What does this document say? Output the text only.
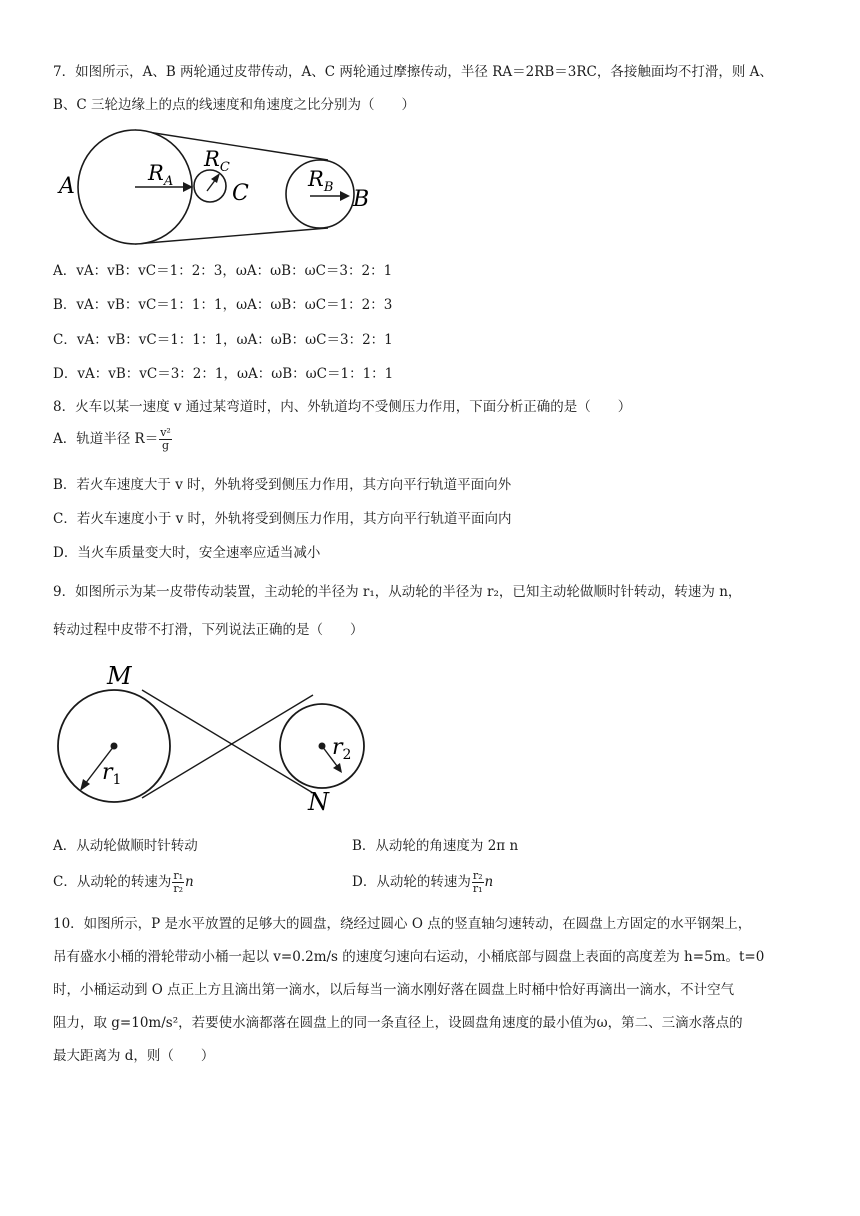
7．如图所示，A、B 两轮通过皮带传动，A、C 两轮通过摩擦传动，半径 RA＝2RB＝3RC，各接触面均不打滑，则 A、
B、C 三轮边缘上的点的线速度和角速度之比分别为（　　）
A
$R_A$
$R_C$
C
$R_B$ B
A．vA：vB：vC＝1：2：3，ωA：ωB：ωC＝3：2：1
B．vA：vB：vC＝1：1：1，ωA：ωB：ωC＝1：2：3
C．vA：vB：vC＝1：1：1，ωA：ωB：ωC＝3：2：1
D．vA：vB：vC＝3：2：1，ωA：ωB：ωC＝1：1：1
8．火车以某一速度 v 通过某弯道时，内、外轨道均不受侧压力作用，下面分析正确的是（　　）
A．轨道半径 $R= \frac{\text{v²}}{g}$
B．若火车速度大于 v 时，外轨将受到侧压力作用，其方向平行轨道平面向外
C．若火车速度小于 v 时，外轨将受到侧压力作用，其方向平行轨道平面向内
D．当火车质量变大时，安全速率应适当减小
9．如图所示为某一皮带传动装置，主动轮的半径为 r₁，从动轮的半径为 r₂，已知主动轮做顺时针转动，转速为 n，
转动过程中皮带不打滑，下列说法正确的是（　　）
M
N
$r_1$
$r_2$
A．从动轮做顺时针转动	B．从动轮的角速度为 2π n
C．从动轮的转速为 $\frac{\text{r₁}}{\text{r₂}}$ n	D．从动轮的转速为 $\frac{\text{r₂}}{\text{r₁}}$ n
10．如图所示，P 是水平放置的足够大的圆盘，绕经过圆心 O 点的竖直轴匀速转动，在圆盘上方固定的水平钢架上，
吊有盛水小桶的滑轮带动小桶一起以 v=0.2m/s 的速度匀速向右运动，小桶底部与圆盘上表面的高度差为 h=5m。t=0
时，小桶运动到 O 点正上方且滴出第一滴水，以后每当一滴水刚好落在圆盘上时桶中恰好再滴出一滴水，不计空气
阻力，取 g=10m/s²，若要使水滴都落在圆盘上的同一条直径上，设圆盘角速度的最小值为ω，第二、三滴水落点的
最大距离为 d，则（　　）
